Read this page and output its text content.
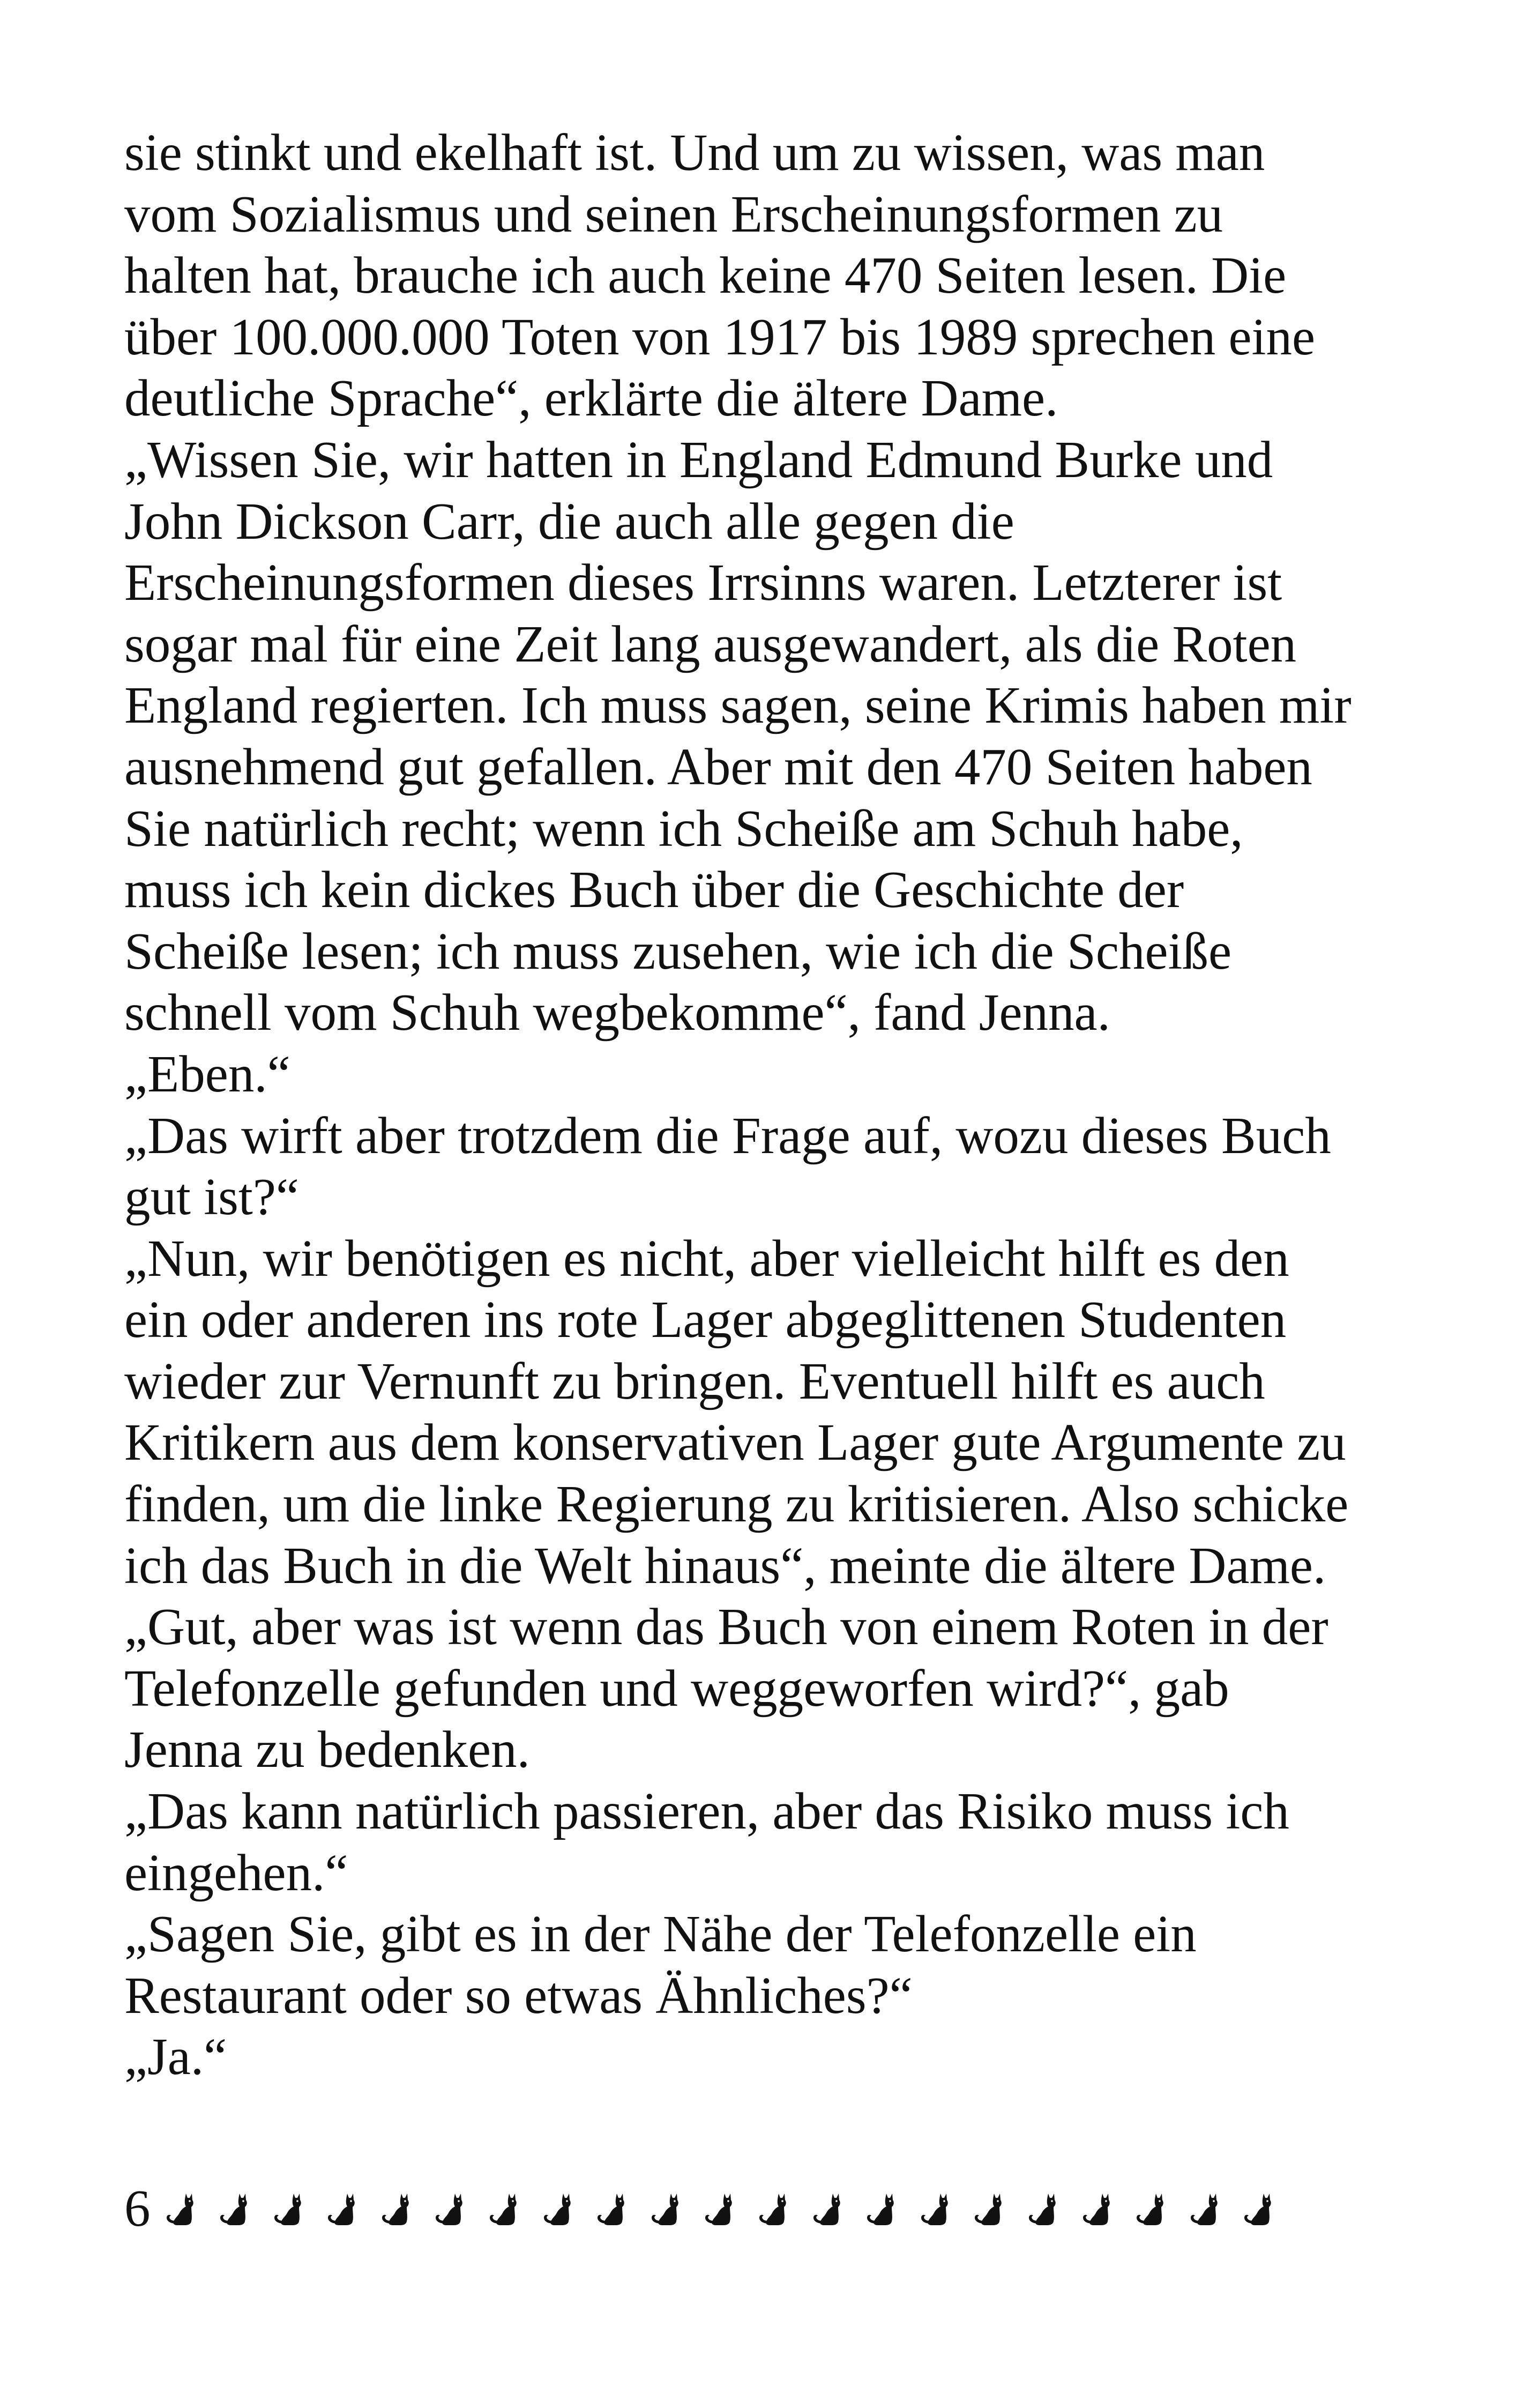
sie stinkt und ekelhaft ist. Und um zu wissen, was man
vom Sozialismus und seinen Erscheinungsformen zu
halten hat, brauche ich auch keine 470 Seiten lesen. Die
über 100.000.000 Toten von 1917 bis 1989 sprechen eine
deutliche Sprache“, erklärte die ältere Dame.
„Wissen Sie, wir hatten in England Edmund Burke und
John Dickson Carr, die auch alle gegen die
Erscheinungsformen dieses Irrsinns waren. Letzterer ist
sogar mal für eine Zeit lang ausgewandert, als die Roten
England regierten. Ich muss sagen, seine Krimis haben mir
ausnehmend gut gefallen. Aber mit den 470 Seiten haben
Sie natürlich recht; wenn ich Scheiße am Schuh habe,
muss ich kein dickes Buch über die Geschichte der
Scheiße lesen; ich muss zusehen, wie ich die Scheiße
schnell vom Schuh wegbekomme“, fand Jenna.
„Eben.“
„Das wirft aber trotzdem die Frage auf, wozu dieses Buch
gut ist?“
„Nun, wir benötigen es nicht, aber vielleicht hilft es den
ein oder anderen ins rote Lager abgeglittenen Studenten
wieder zur Vernunft zu bringen. Eventuell hilft es auch
Kritikern aus dem konservativen Lager gute Argumente zu
finden, um die linke Regierung zu kritisieren. Also schicke
ich das Buch in die Welt hinaus“, meinte die ältere Dame.
„Gut, aber was ist wenn das Buch von einem Roten in der
Telefonzelle gefunden und weggeworfen wird?“, gab
Jenna zu bedenken.
„Das kann natürlich passieren, aber das Risiko muss ich
eingehen.“
„Sagen Sie, gibt es in der Nähe der Telefonzelle ein
Restaurant oder so etwas Ähnliches?“
„Ja.“
6
